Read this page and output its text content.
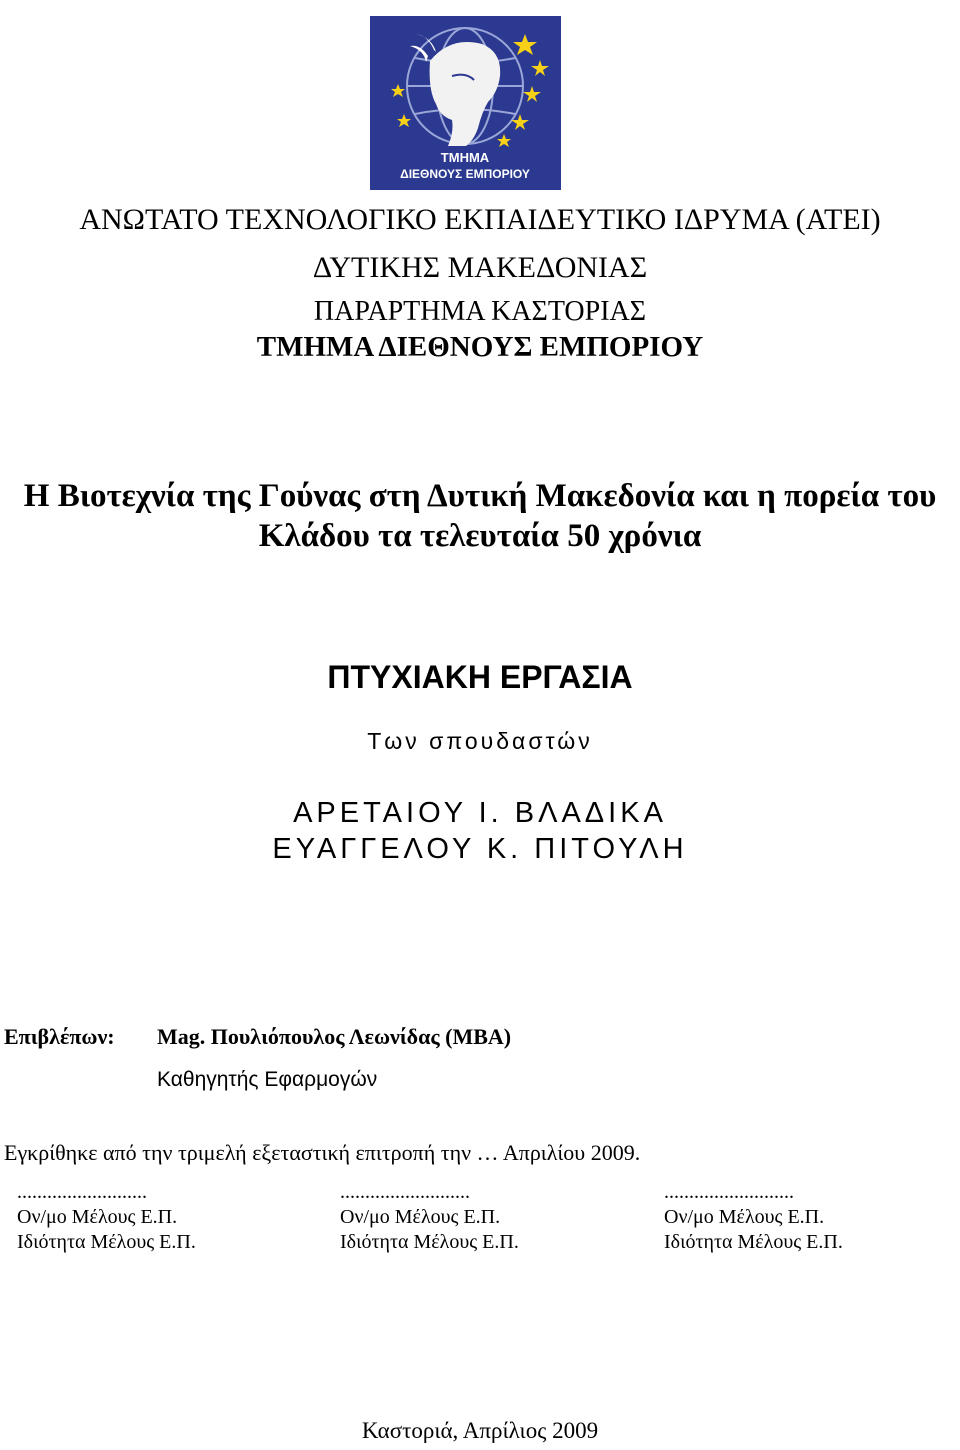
ΤΜΗΜΑ
ΔΙΕΘΝΟΥΣ ΕΜΠΟΡΙΟΥ
ΑΝΩΤΑΤΟ ΤΕΧΝΟΛΟΓΙΚΟ ΕΚΠΑΙΔΕΥΤΙΚΟ ΙΔΡΥΜΑ (ΑΤΕΙ)
ΔΥΤΙΚΗΣ ΜΑΚΕΔΟΝΙΑΣ
ΠΑΡΑΡΤΗΜΑ ΚΑΣΤΟΡΙΑΣ
ΤΜΗΜΑ ΔΙΕΘΝΟΥΣ ΕΜΠΟΡΙΟΥ
Η Βιοτεχνία της Γούνας στη Δυτική Μακεδονία και η πορεία του
Κλάδου τα τελευταία 50 χρόνια
ΠΤΥΧΙΑΚΗ ΕΡΓΑΣΙΑ
Των σπουδαστών
ΑΡΕΤΑΙΟΥ Ι. ΒΛΑΔΙΚΑ
ΕΥΑΓΓΕΛΟΥ Κ. ΠΙΤΟΥΛΗ
Επιβλέπων: Mag. Πουλιόπουλος Λεωνίδας (MBA)
Καθηγητής Εφαρμογών
Εγκρίθηκε από την τριμελή εξεταστική επιτροπή την … Απριλίου 2009.
..........................
Ον/μο Μέλους Ε.Π.
Ιδιότητα Μέλους Ε.Π.
..........................
Ον/μο Μέλους Ε.Π.
Ιδιότητα Μέλους Ε.Π.
..........................
Ον/μο Μέλους Ε.Π.
Ιδιότητα Μέλους Ε.Π.
Καστοριά, Απρίλιος 2009
